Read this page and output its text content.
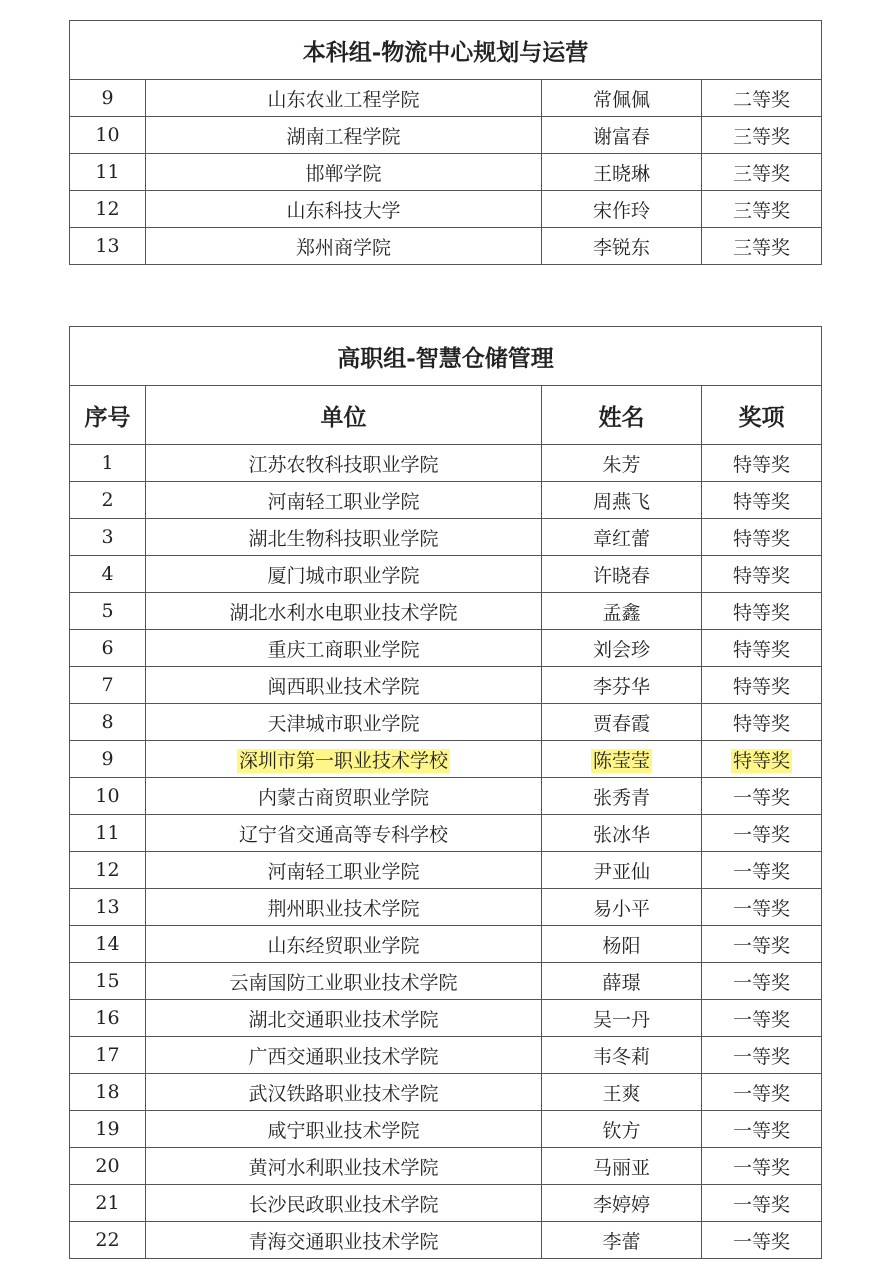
本科组-物流中心规划与运营			
9	山东农业工程学院	常佩佩	二等奖
10	湖南工程学院	谢富春	三等奖
11	邯郸学院	王晓琳	三等奖
12	山东科技大学	宋作玲	三等奖
13	郑州商学院	李锐东	三等奖
高职组-智慧仓储管理			
序号	单位	姓名	奖项
1	江苏农牧科技职业学院	朱芳	特等奖
2	河南轻工职业学院	周燕飞	特等奖
3	湖北生物科技职业学院	章红蕾	特等奖
4	厦门城市职业学院	许晓春	特等奖
5	湖北水利水电职业技术学院	孟鑫	特等奖
6	重庆工商职业学院	刘会珍	特等奖
7	闽西职业技术学院	李芬华	特等奖
8	天津城市职业学院	贾春霞	特等奖
9	深圳市第一职业技术学校	陈莹莹	特等奖
10	内蒙古商贸职业学院	张秀青	一等奖
11	辽宁省交通高等专科学校	张冰华	一等奖
12	河南轻工职业学院	尹亚仙	一等奖
13	荆州职业技术学院	易小平	一等奖
14	山东经贸职业学院	杨阳	一等奖
15	云南国防工业职业技术学院	薛璟	一等奖
16	湖北交通职业技术学院	吴一丹	一等奖
17	广西交通职业技术学院	韦冬莉	一等奖
18	武汉铁路职业技术学院	王爽	一等奖
19	咸宁职业技术学院	钦方	一等奖
20	黄河水利职业技术学院	马丽亚	一等奖
21	长沙民政职业技术学院	李婷婷	一等奖
22	青海交通职业技术学院	李蕾	一等奖
